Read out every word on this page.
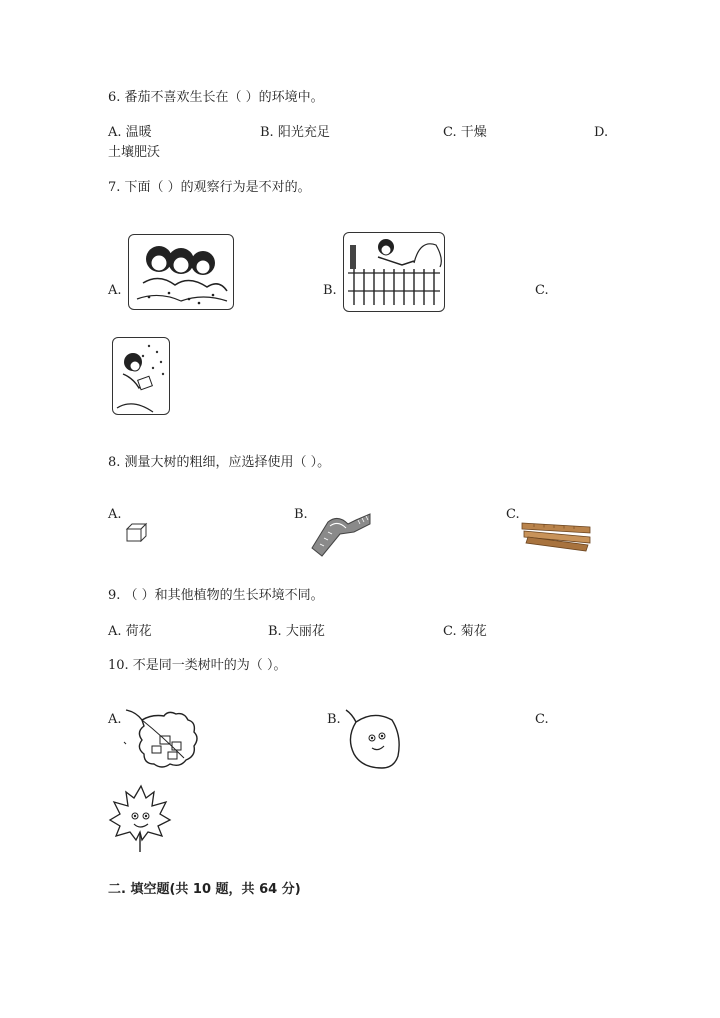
6. 番茄不喜欢生长在（ ）的环境中。
A. 温暖	B. 阳光充足	C. 干燥	D.
土壤肥沃
7. 下面（ ）的观察行为是不对的。
A.	B.	C.
8. 测量大树的粗细，应选择使用（ ）。
A.	B.	C.
9. （ ）和其他植物的生长环境不同。
A. 荷花	B. 大丽花	C. 菊花
10. 不是同一类树叶的为（ ）。
A.	B.	C.
二. 填空题(共 10 题，共 64 分)
